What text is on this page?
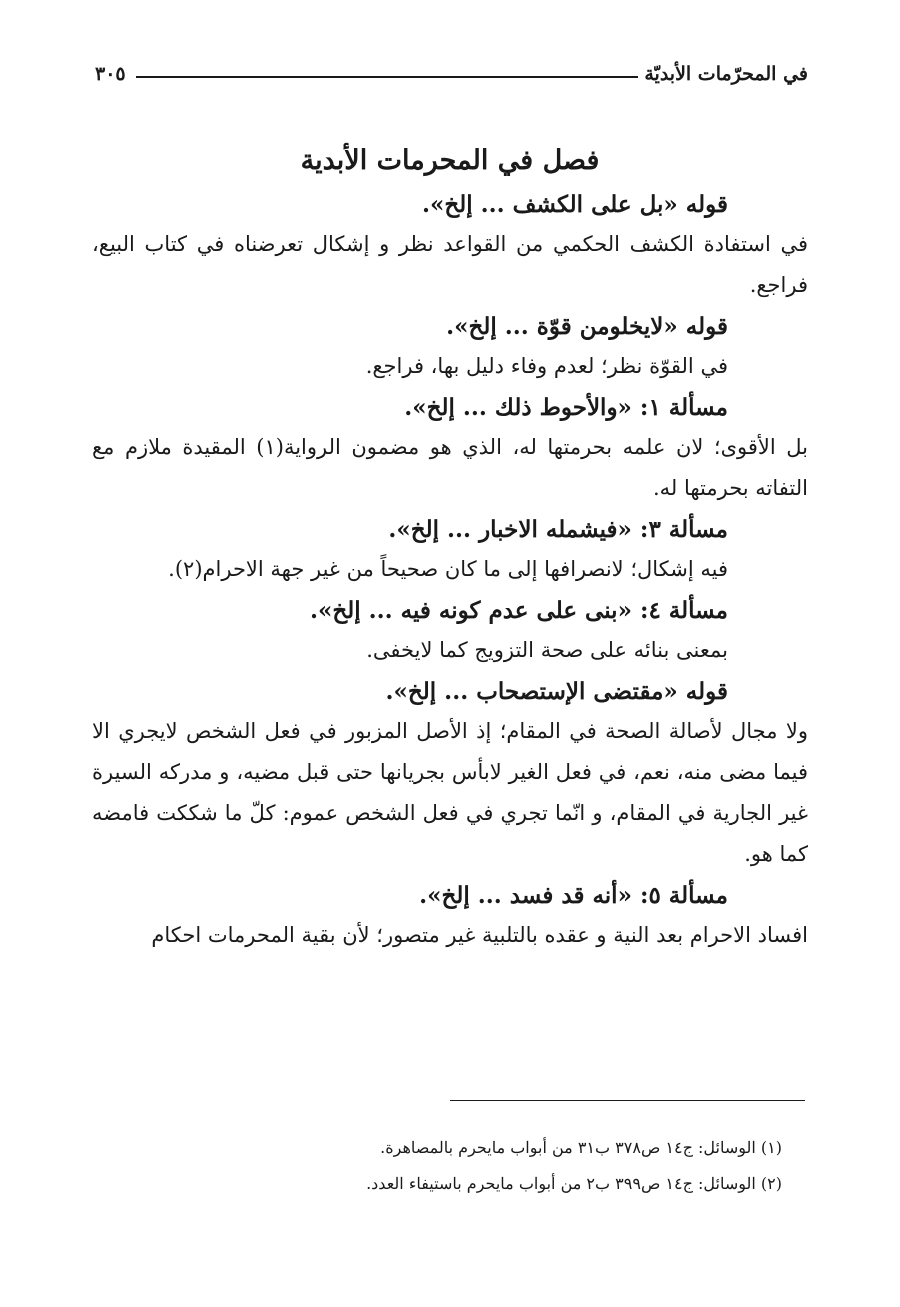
في المحرّمات الأبديّة
٣٠٥
فصل في المحرمات الأبدية
قوله «بل على الكشف ... إلخ».

في استفادة الكشف الحكمي من القواعد نظر و إشكال تعرضناه في كتاب البيع، فراجع.

قوله «لايخلومن قوّة ... إلخ».

في القوّة نظر؛ لعدم وفاء دليل بها، فراجع.

مسألة ١: «والأحوط ذلك ... إلخ».

بل الأقوى؛ لان علمه بحرمتها له، الذي هو مضمون الرواية(١) المقيدة ملازم مع التفاته بحرمتها له.

مسألة ٣: «فيشمله الاخبار ... إلخ».

فيه إشكال؛ لانصرافها إلى ما كان صحيحاً من غير جهة الاحرام(٢).

مسألة ٤: «بنى على عدم كونه فيه ... إلخ».

بمعنى بنائه على صحة التزويج كما لايخفى.

قوله «مقتضى الإستصحاب ... إلخ».

ولا مجال لأصالة الصحة في المقام؛ إذ الأصل المزبور في فعل الشخص لايجري الا فيما مضى منه، نعم، في فعل الغير لابأس بجريانها حتى قبل مضيه، و مدركه السيرة غير الجارية في المقام، و انّما تجري في فعل الشخص عموم: كلّ ما شككت فامضه كما هو.

مسألة ٥: «أنه قد فسد ... إلخ».

افساد الاحرام بعد النية و عقده بالتلبية غير متصور؛ لأن بقية المحرمات احكام

(١) الوسائل: ج١٤ ص٣٧٨ ب٣١ من أبواب مايحرم بالمصاهرة.

(٢) الوسائل: ج١٤ ص٣٩٩ ب٢ من أبواب مايحرم باستيفاء العدد.
